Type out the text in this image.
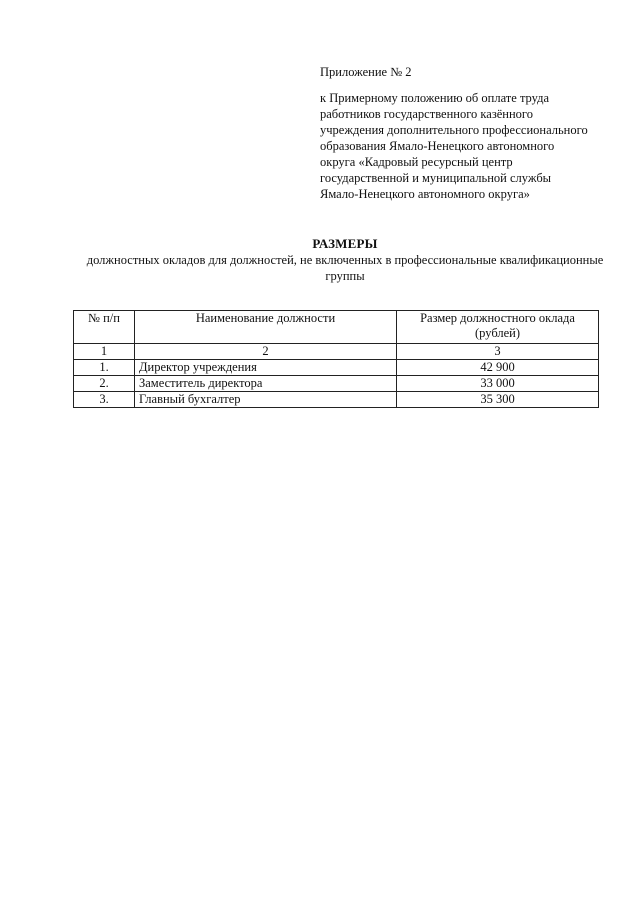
Приложение № 2
к Примерному положению об оплате труда
работников государственного казённого
учреждения дополнительного профессионального
образования Ямало-Ненецкого автономного
округа «Кадровый ресурсный центр
государственной и муниципальной службы
Ямало-Ненецкого автономного округа»
РАЗМЕРЫ
должностных окладов для должностей, не включенных в профессиональные квалификационные
группы
№ п/п	Наименование должности	Размер должностного оклада
(рублей)

1	2	3
1.	Директор учреждения	42 900
2.	Заместитель директора	33 000
3.	Главный бухгалтер	35 300
